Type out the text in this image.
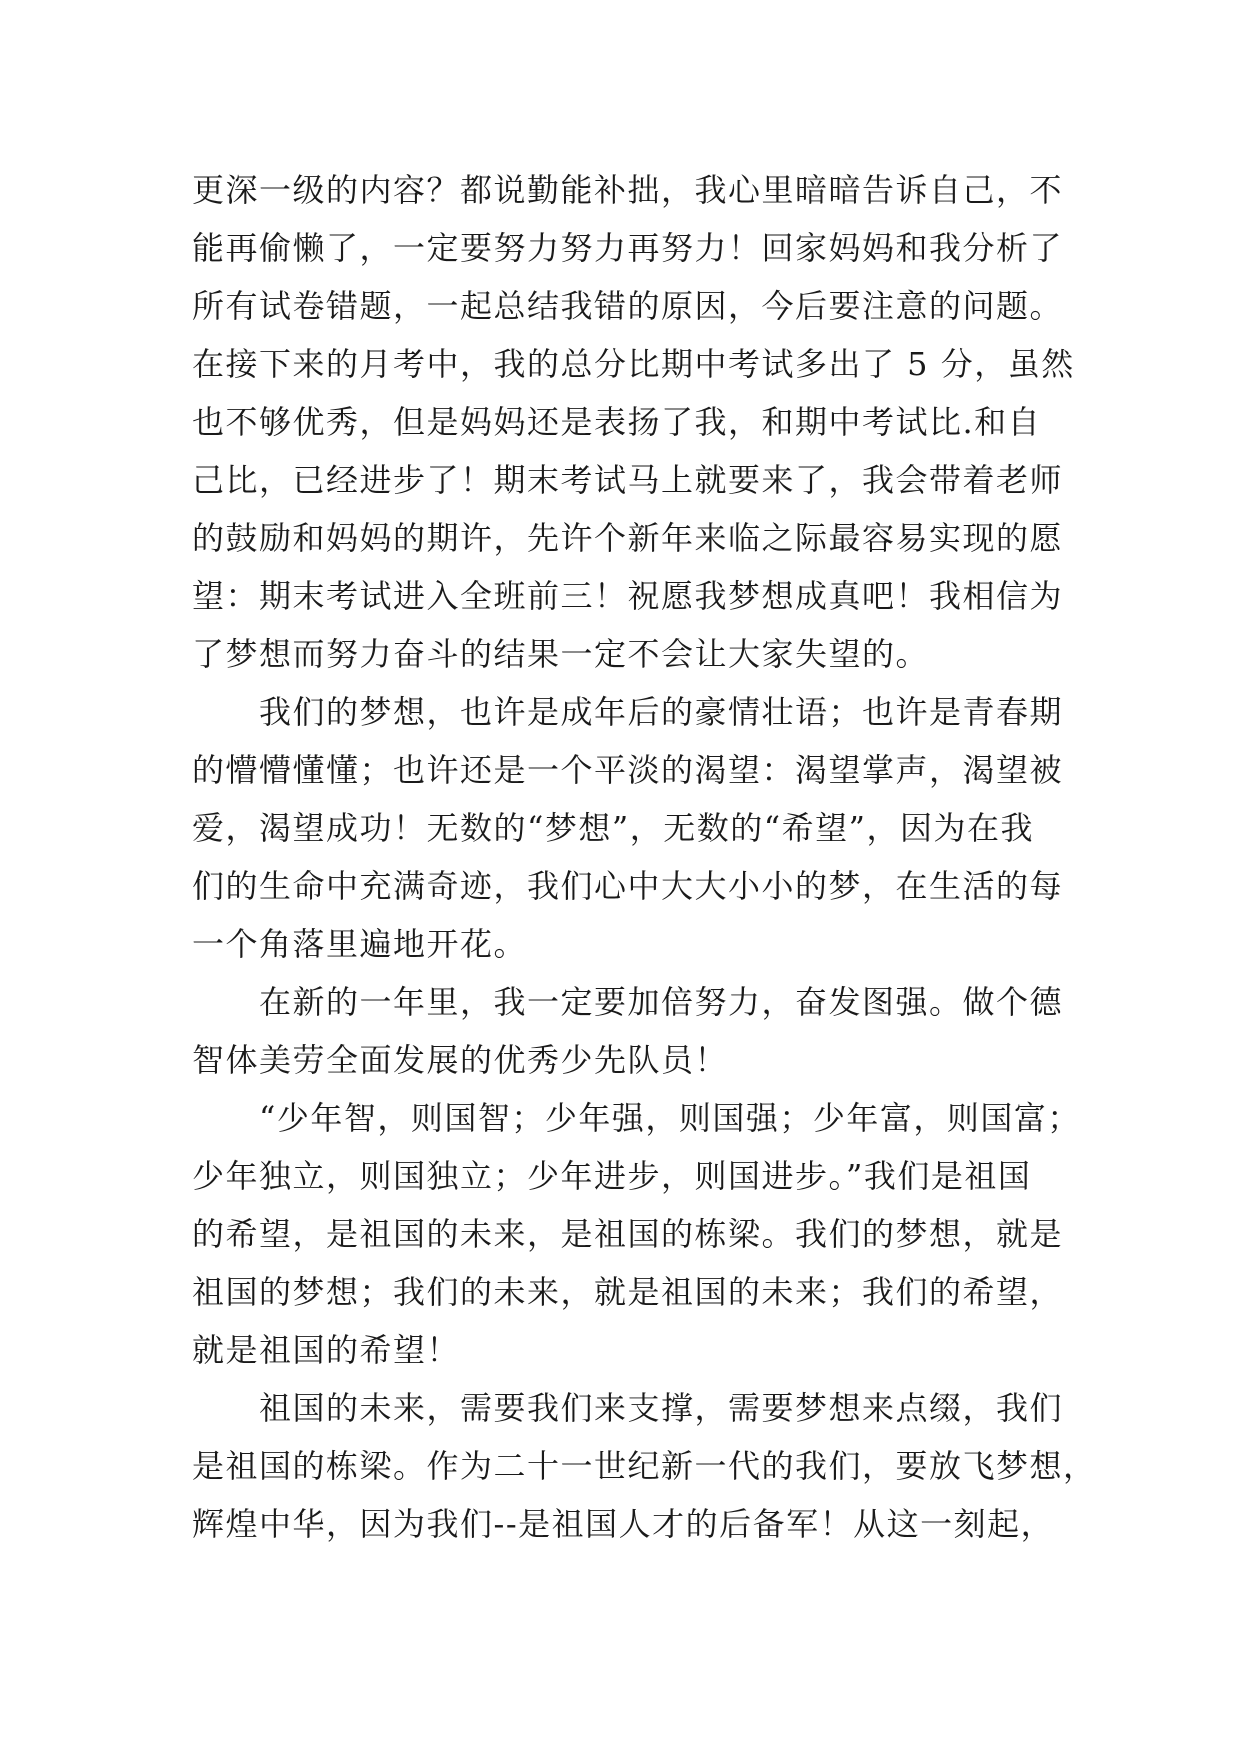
更深一级的内容？都说勤能补拙，我心里暗暗告诉自己，不
能再偷懒了，一定要努力努力再努力！回家妈妈和我分析了
所有试卷错题，一起总结我错的原因，今后要注意的问题。
在接下来的月考中，我的总分比期中考试多出了 5 分，虽然
也不够优秀，但是妈妈还是表扬了我，和期中考试比.和自
己比，已经进步了！期末考试马上就要来了，我会带着老师
的鼓励和妈妈的期许，先许个新年来临之际最容易实现的愿
望：期末考试进入全班前三！祝愿我梦想成真吧！我相信为
了梦想而努力奋斗的结果一定不会让大家失望的。
　　我们的梦想，也许是成年后的豪情壮语；也许是青春期
的懵懵懂懂；也许还是一个平淡的渴望：渴望掌声，渴望被
爱，渴望成功！无数的“梦想”，无数的“希望”，因为在我
们的生命中充满奇迹，我们心中大大小小的梦，在生活的每
一个角落里遍地开花。
　　在新的一年里，我一定要加倍努力，奋发图强。做个德
智体美劳全面发展的优秀少先队员！
　　“少年智，则国智；少年强，则国强；少年富，则国富；
少年独立，则国独立；少年进步，则国进步。”我们是祖国
的希望，是祖国的未来，是祖国的栋梁。我们的梦想，就是
祖国的梦想；我们的未来，就是祖国的未来；我们的希望，
就是祖国的希望！
　　祖国的未来，需要我们来支撑，需要梦想来点缀，我们
是祖国的栋梁。作为二十一世纪新一代的我们，要放飞梦想，
辉煌中华，因为我们--是祖国人才的后备军！从这一刻起，
